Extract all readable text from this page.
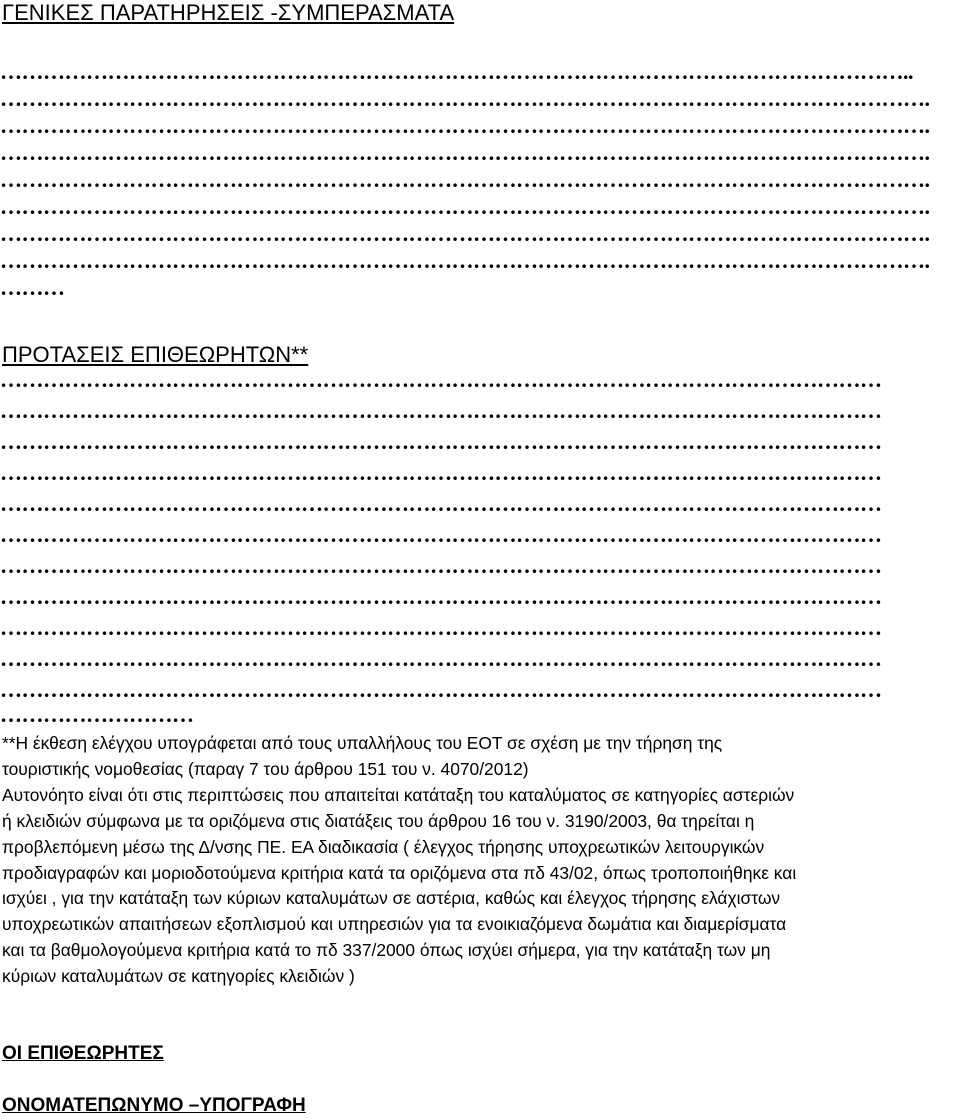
ΓΕΝΙΚΕΣ ΠΑΡΑΤΗΡΗΣΕΙΣ -ΣΥΜΠΕΡΑΣΜΑΤΑ
………………………………………………………………………………………………………………..
………………………………………………………………………………………………………………….
………………………………………………………………………………………………………………….
………………………………………………………………………………………………………………….
………………………………………………………………………………………………………………….
………………………………………………………………………………………………………………….
………………………………………………………………………………………………………………….
………………………………………………………………………………………………………………….
………
ΠΡΟΤΑΣΕΙΣ ΕΠΙΘΕΩΡΗΤΩΝ**
……………………………………………………………………………………………………………
……………………………………………………………………………………………………………
……………………………………………………………………………………………………………
……………………………………………………………………………………………………………
……………………………………………………………………………………………………………
……………………………………………………………………………………………………………
……………………………………………………………………………………………………………
……………………………………………………………………………………………………………
……………………………………………………………………………………………………………
……………………………………………………………………………………………………………
……………………………………………………………………………………………………………
………………………

**Η έκθεση ελέγχου υπογράφεται από τους υπαλλήλους του ΕΟΤ σε σχέση με την τήρηση της

τουριστικής νομοθεσίας (παραγ 7 του άρθρου 151 του ν. 4070/2012)

Αυτονόητο είναι ότι στις περιπτώσεις που απαιτείται κατάταξη του καταλύματος σε κατηγορίες αστεριών

ή κλειδιών σύμφωνα με τα οριζόμενα στις διατάξεις του άρθρου 16 του ν. 3190/2003, θα τηρείται η

προβλεπόμενη μέσω της Δ/νσης ΠΕ. ΕΑ διαδικασία ( έλεγχος τήρησης υποχρεωτικών λειτουργικών

προδιαγραφών και μοριοδοτούμενα κριτήρια κατά τα οριζόμενα στα πδ 43/02, όπως τροποποιήθηκε και

ισχύει , για την κατάταξη των κύριων καταλυμάτων σε αστέρια, καθώς και έλεγχος τήρησης ελάχιστων

υποχρεωτικών απαιτήσεων εξοπλισμού και υπηρεσιών για τα ενοικιαζόμενα δωμάτια και διαμερίσματα

και τα βαθμολογούμενα κριτήρια κατά το πδ 337/2000 όπως ισχύει σήμερα, για την κατάταξη των μη

κύριων καταλυμάτων σε κατηγορίες κλειδιών )

ΟΙ ΕΠΙΘΕΩΡΗΤΕΣ
ΟΝΟΜΑΤΕΠΩΝΥΜΟ –ΥΠΟΓΡΑΦΗ
